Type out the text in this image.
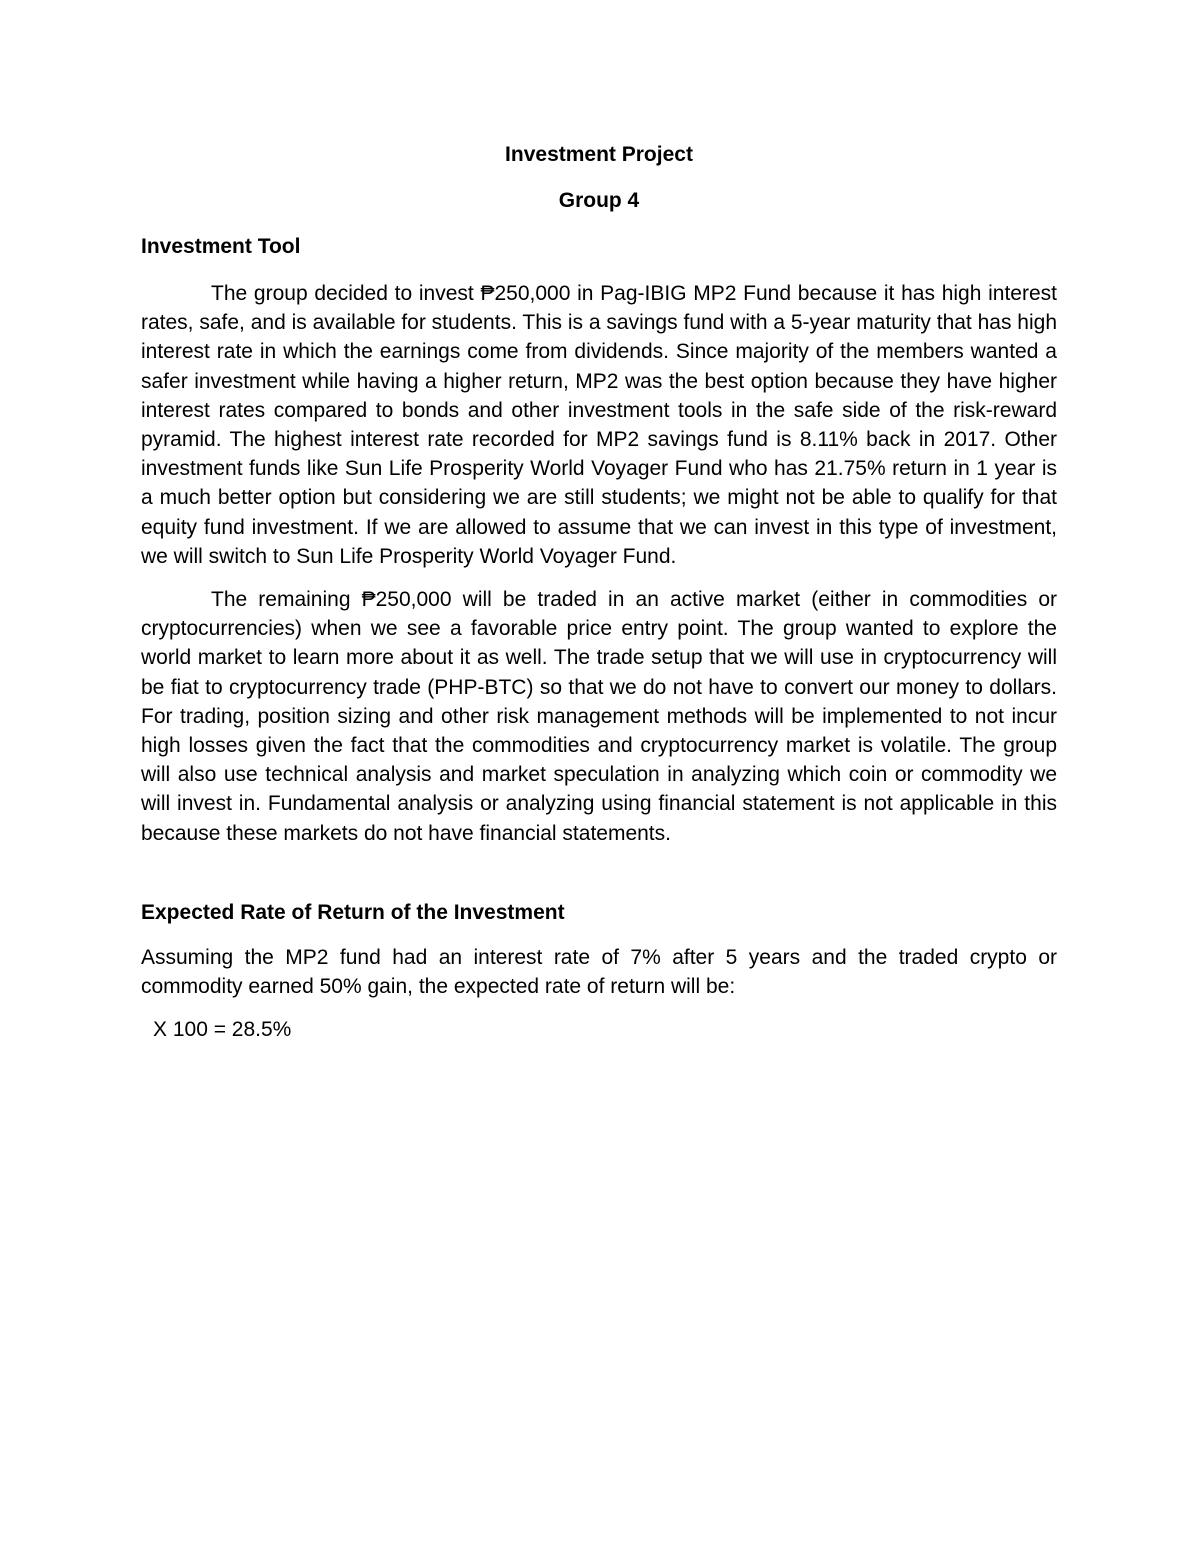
Investment Project

Group 4

Investment Tool

The group decided to invest ₱250,000 in Pag-IBIG MP2 Fund because it has high interest rates, safe, and is available for students. This is a savings fund with a 5-year maturity that has high interest rate in which the earnings come from dividends. Since majority of the members wanted a safer investment while having a higher return, MP2 was the best option because they have higher interest rates compared to bonds and other investment tools in the safe side of the risk-reward pyramid. The highest interest rate recorded for MP2 savings fund is 8.11% back in 2017. Other investment funds like Sun Life Prosperity World Voyager Fund who has 21.75% return in 1 year is a much better option but considering we are still students; we might not be able to qualify for that equity fund investment. If we are allowed to assume that we can invest in this type of investment, we will switch to Sun Life Prosperity World Voyager Fund.

The remaining ₱250,000 will be traded in an active market (either in commodities or cryptocurrencies) when we see a favorable price entry point. The group wanted to explore the world market to learn more about it as well. The trade setup that we will use in cryptocurrency will be fiat to cryptocurrency trade (PHP-BTC) so that we do not have to convert our money to dollars. For trading, position sizing and other risk management methods will be implemented to not incur high losses given the fact that the commodities and cryptocurrency market is volatile. The group will also use technical analysis and market speculation in analyzing which coin or commodity we will invest in. Fundamental analysis or analyzing using financial statement is not applicable in this because these markets do not have financial statements.

Expected Rate of Return of the Investment

Assuming the MP2 fund had an interest rate of 7% after 5 years and the traded crypto or commodity earned 50% gain, the expected rate of return will be:

X 100 = 28.5%
